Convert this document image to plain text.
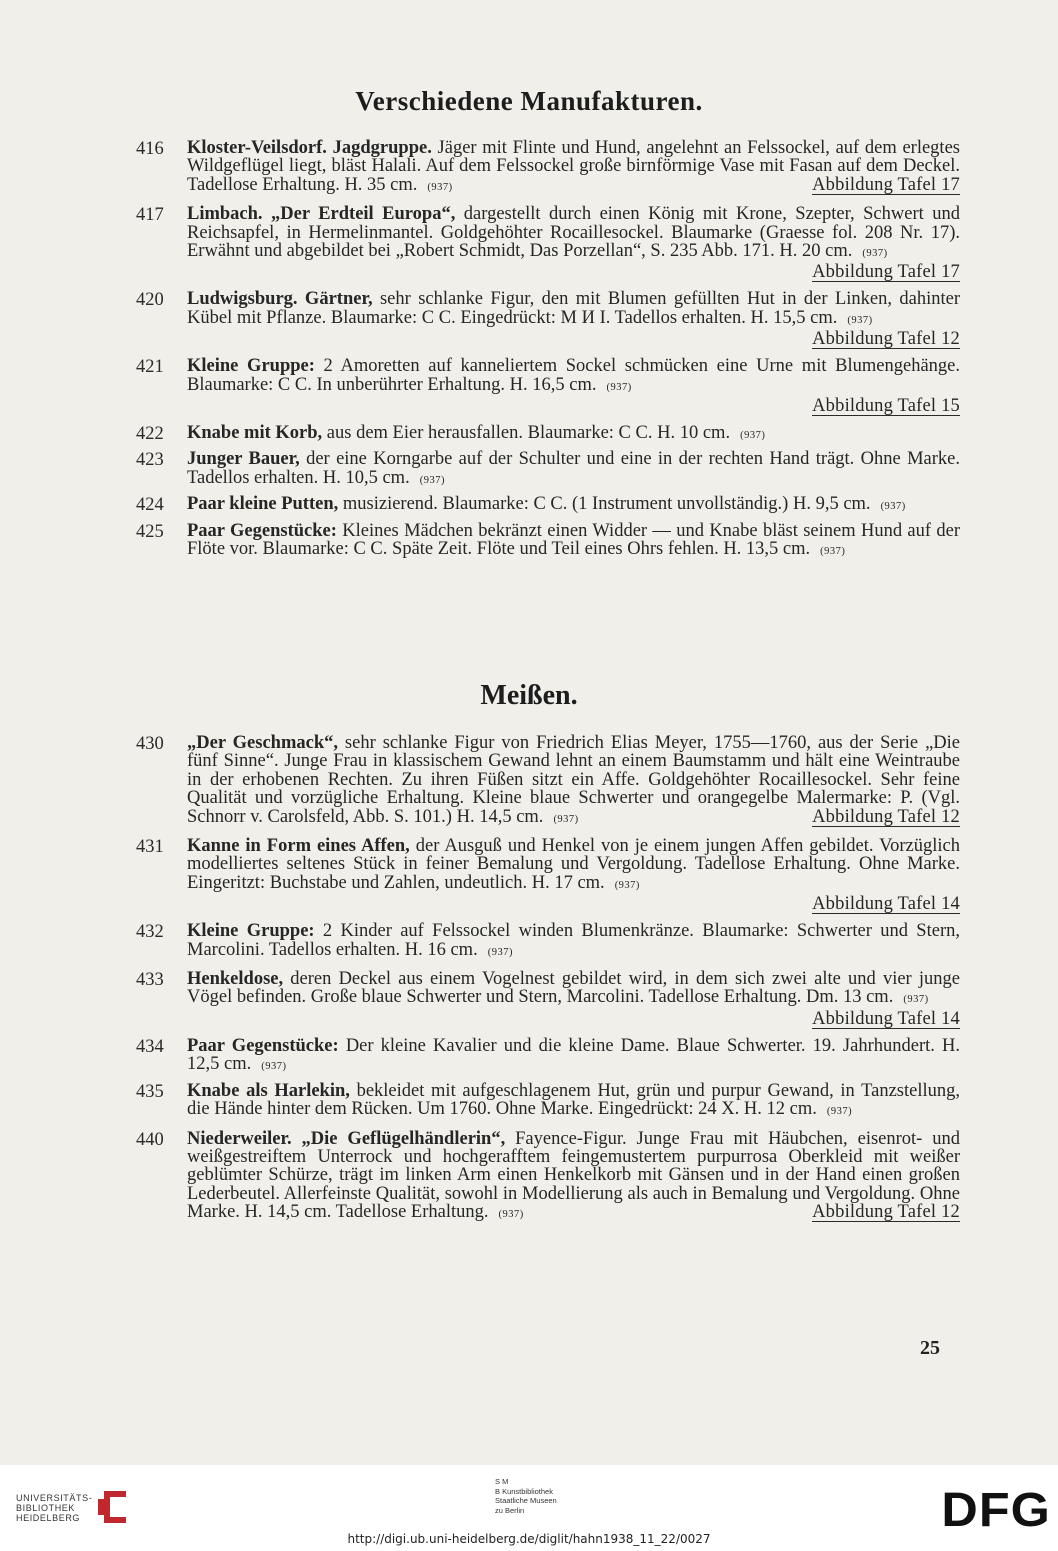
Verschiedene Manufakturen.
416 Kloster-Veilsdorf. Jagdgruppe. Jäger mit Flinte und Hund, angelehnt an Felssockel, auf dem erlegtes Wildgeflügel liegt, bläst Halali. Auf dem Felssockel große birnförmige Vase mit Fasan auf dem Deckel. Tadellose Erhaltung. H. 35 cm. (937)	Abbildung Tafel 17
417 Limbach. „Der Erdteil Europa“, dargestellt durch einen König mit Krone, Szepter, Schwert und Reichsapfel, in Hermelinmantel. Goldgehöhter Rocaillesockel. Blaumarke (Graesse fol. 208 Nr. 17). Erwähnt und abgebildet bei „Robert Schmidt, Das Porzellan“, S. 235 Abb. 171. H. 20 cm. (937)
Abbildung Tafel 17
420 Ludwigsburg. Gärtner, sehr schlanke Figur, den mit Blumen gefüllten Hut in der Linken, dahinter Kübel mit Pflanze. Blaumarke: C C. Eingedrückt: M И I. Tadellos erhalten. H. 15,5 cm. (937)
Abbildung Tafel 12
421 Kleine Gruppe: 2 Amoretten auf kanneliertem Sockel schmücken eine Urne mit Blumengehänge. Blaumarke: C C. In unberührter Erhaltung. H. 16,5 cm. (937)
Abbildung Tafel 15
422 Knabe mit Korb, aus dem Eier herausfallen. Blaumarke: C C. H. 10 cm. (937)
423 Junger Bauer, der eine Korngarbe auf der Schulter und eine in der rechten Hand trägt. Ohne Marke. Tadellos erhalten. H. 10,5 cm. (937)
424 Paar kleine Putten, musizierend. Blaumarke: C C. (1 Instrument unvollständig.) H. 9,5 cm. (937)
425 Paar Gegenstücke: Kleines Mädchen bekränzt einen Widder — und Knabe bläst seinem Hund auf der Flöte vor. Blaumarke: C C. Späte Zeit. Flöte und Teil eines Ohrs fehlen. H. 13,5 cm. (937)
Meißen.
430 „Der Geschmack“, sehr schlanke Figur von Friedrich Elias Meyer, 1755—1760, aus der Serie „Die fünf Sinne“. Junge Frau in klassischem Gewand lehnt an einem Baumstamm und hält eine Weintraube in der erhobenen Rechten. Zu ihren Füßen sitzt ein Affe. Goldgehöhter Rocaillesockel. Sehr feine Qualität und vorzügliche Erhaltung. Kleine blaue Schwerter und orangegelbe Malermarke: P. (Vgl. Schnorr v. Carolsfeld, Abb. S. 101.) H. 14,5 cm. (937)	Abbildung Tafel 12
431 Kanne in Form eines Affen, der Ausguß und Henkel von je einem jungen Affen gebildet. Vorzüglich modelliertes seltenes Stück in feiner Bemalung und Vergoldung. Tadellose Erhaltung. Ohne Marke. Eingeritzt: Buchstabe und Zahlen, undeutlich. H. 17 cm. (937)
Abbildung Tafel 14
432 Kleine Gruppe: 2 Kinder auf Felssockel winden Blumenkränze. Blaumarke: Schwerter und Stern, Marcolini. Tadellos erhalten. H. 16 cm. (937)
433 Henkeldose, deren Deckel aus einem Vogelnest gebildet wird, in dem sich zwei alte und vier junge Vögel befinden. Große blaue Schwerter und Stern, Marcolini. Tadellose Erhaltung. Dm. 13 cm. (937)
Abbildung Tafel 14
434 Paar Gegenstücke: Der kleine Kavalier und die kleine Dame. Blaue Schwerter. 19. Jahrhundert. H. 12,5 cm. (937)
435 Knabe als Harlekin, bekleidet mit aufgeschlagenem Hut, grün und purpur Gewand, in Tanzstellung, die Hände hinter dem Rücken. Um 1760. Ohne Marke. Eingedrückt: 24 X. H. 12 cm. (937)
440 Niederweiler. „Die Geflügelhändlerin“, Fayence-Figur. Junge Frau mit Häubchen, eisenrot- und weißgestreiftem Unterrock und hochgerafftem feingemustertem purpurrosa Oberkleid mit weißer geblümter Schürze, trägt im linken Arm einen Henkelkorb mit Gänsen und in der Hand einen großen Lederbeutel. Allerfeinste Qualität, sowohl in Modellierung als auch in Bemalung und Vergoldung. Ohne Marke. H. 14,5 cm. Tadellose Erhaltung. (937)	Abbildung Tafel 12
25
UNIVERSITÄTS-
BIBLIOTHEK
HEIDELBERG
S M
B Kunstbibliothek
Staatliche Museen
zu Berlin	DFG
http://digi.ub.uni-heidelberg.de/diglit/hahn1938_11_22/0027
